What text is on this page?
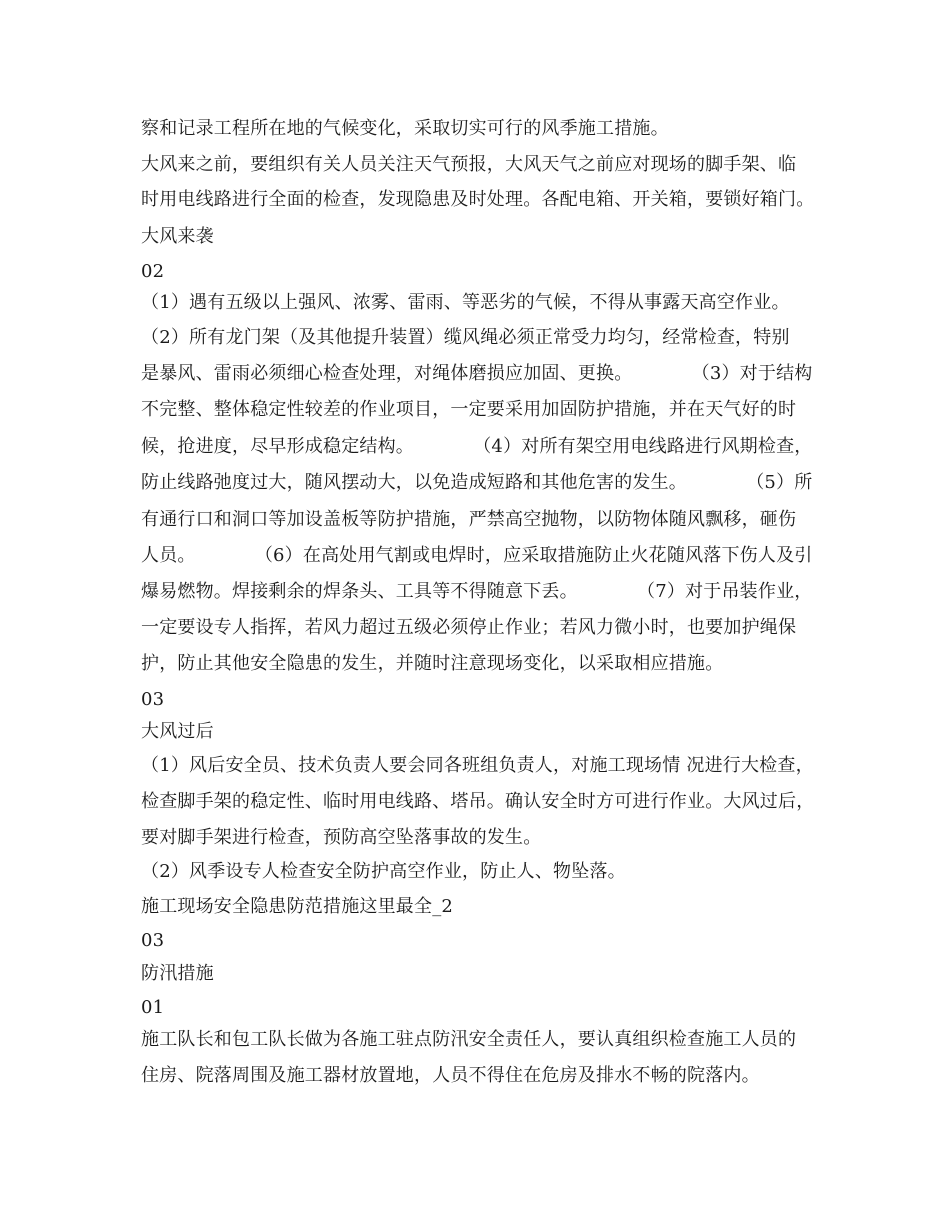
察和记录工程所在地的气候变化，采取切实可行的风季施工措施。
大风来之前，要组织有关人员关注天气预报，大风天气之前应对现场的脚手架、临
时用电线路进行全面的检查，发现隐患及时处理。各配电箱、开关箱，要锁好箱门。
大风来袭
02
（1）遇有五级以上强风、浓雾、雷雨、等恶劣的气候，不得从事露天高空作业。
（2）所有龙门架（及其他提升装置）缆风绳必须正常受力均匀，经常检查，特别
是暴风、雷雨必须细心检查处理，对绳体磨损应加固、更换。          （3）对于结构
不完整、整体稳定性较差的作业项目，一定要采用加固防护措施，并在天气好的时
候，抢进度，尽早形成稳定结构。          （4）对所有架空用电线路进行风期检查，
防止线路弛度过大，随风摆动大，以免造成短路和其他危害的发生。          （5）所
有通行口和洞口等加设盖板等防护措施，严禁高空抛物，以防物体随风飘移，砸伤
人员。          （6）在高处用气割或电焊时，应采取措施防止火花随风落下伤人及引
爆易燃物。焊接剩余的焊条头、工具等不得随意下丢。          （7）对于吊装作业，
一定要设专人指挥，若风力超过五级必须停止作业；若风力微小时，也要加护绳保
护，防止其他安全隐患的发生，并随时注意现场变化，以采取相应措施。
03
大风过后
（1）风后安全员、技术负责人要会同各班组负责人，对施工现场情 况进行大检查，
检查脚手架的稳定性、临时用电线路、塔吊。确认安全时方可进行作业。大风过后，
要对脚手架进行检查，预防高空坠落事故的发生。
（2）风季设专人检查安全防护高空作业，防止人、物坠落。
施工现场安全隐患防范措施这里最全_2
03
防汛措施
01
施工队长和包工队长做为各施工驻点防汛安全责任人，要认真组织检查施工人员的
住房、院落周围及施工器材放置地，人员不得住在危房及排水不畅的院落内。
